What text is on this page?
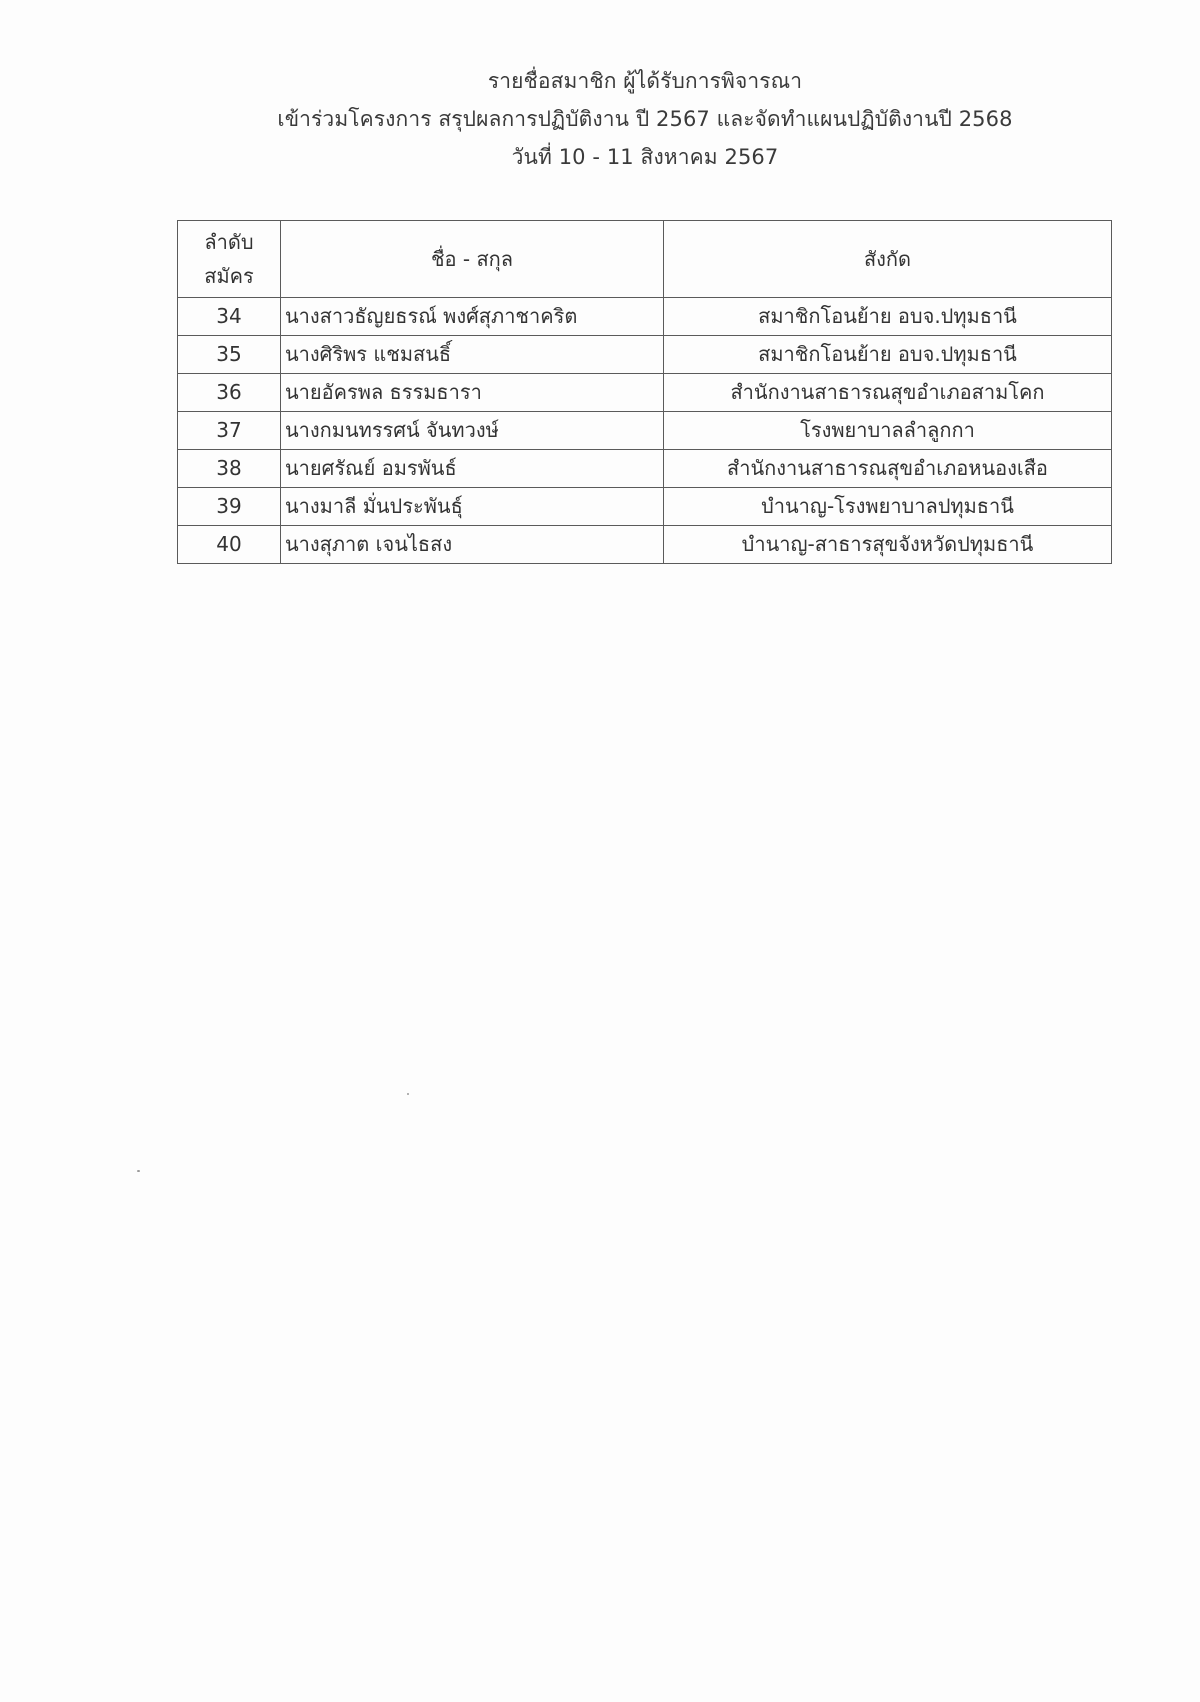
รายชื่อสมาชิก ผู้ได้รับการพิจารณา
เข้าร่วมโครงการ สรุปผลการปฏิบัติงาน ปี 2567 และจัดทำแผนปฏิบัติงานปี 2568
วันที่ 10 - 11 สิงหาคม 2567
ลำดับ
สมัคร	ชื่อ - สกุล	สังกัด
34	นางสาวธัญยธรณ์ พงศ์สุภาชาคริต	สมาชิกโอนย้าย อบจ.ปทุมธานี
35	นางศิริพร แชมสนธิ์	สมาชิกโอนย้าย อบจ.ปทุมธานี
36	นายอัครพล ธรรมธารา	สำนักงานสาธารณสุขอำเภอสามโคก
37	นางกมนทรรศน์ จันทวงษ์	โรงพยาบาลลำลูกกา
38	นายศรัณย์ อมรพันธ์	สำนักงานสาธารณสุขอำเภอหนองเสือ
39	นางมาลี มั่นประพันธุ์	บำนาญ-โรงพยาบาลปทุมธานี
40	นางสุภาต เจนไธสง	บำนาญ-สาธารสุขจังหวัดปทุมธานี
